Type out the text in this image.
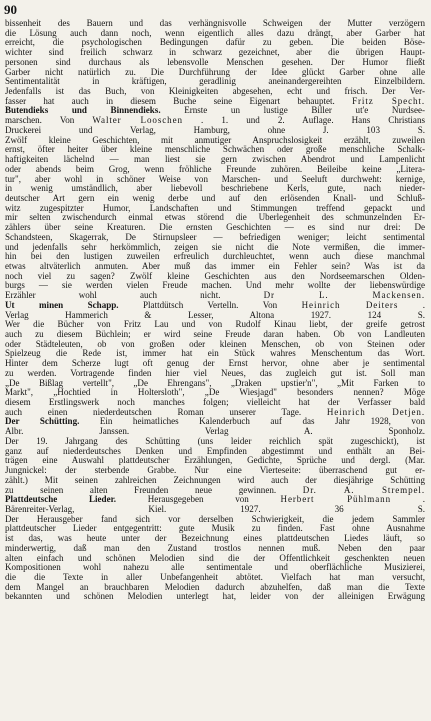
90
bissenheit des Bauern und das verhängnisvolle Schweigen der Mutter verzögern
die Lösung auch dann noch, wenn eigentlich alles dazu drängt, aber Garber hat
erreicht, die psychologischen Bedingungen dafür zu geben. Die beiden Böse-
wichter sind freilich schwarz in schwarz gezeichnet, aber die übrigen Haupt-
personen sind durchaus als lebensvolle Menschen gesehen. Der Humor fließt
Garber nicht natürlich zu. Die Durchführung der Idee glückt Garber ohne alle
Sentimentalität in kräftigen, geradlinig aneinandergereihten Einzelbildern.
Jedenfalls ist das Buch, von Kleinigkeiten abgesehen, echt und frisch. Der Ver-
fasser hat auch in diesem Buche seine Eigenart behauptet. Fritz Specht.
Butendieks und Binnendieks. Ernste un lustige Biller ut'e Nurdsee-
marschen. Von Walter Looschen . 1. und 2. Auflage. Hans Christians
Druckerei und Verlag, Hamburg, ohne J. 103 S.
Zwölf kleine Geschichten, mit anmutiger Anspruchslosigkeit erzählt, zuweilen
ernst, öfter heiter über kleine menschliche Schwächen oder große menschliche Schalk-
haftigkeiten lächelnd — man liest sie gern zwischen Abendrot und Lampenlicht
oder abends beim Grog, wenn fröhliche Freunde zuhören. Beileibe keine „Litera-
tur", aber wohl in schöner Weise von Marschen- und Seeluft durchweht: kernige,
in wenig umständlich, aber liebevoll beschriebene Kerls, gute, nach nieder-
deutscher Art gern ein wenig derbe und auf den erlösenden Knall- und Schluß-
witz zugespitzter Humor, Landschaften und Stimmungen treffend gepackt und
mir selten zwischendurch einmal etwas störend die Überlegenheit des schmunzelnden Er-
zählers über seine Kreaturen. Die ernsten Geschichten — es sind nur drei: De
Schandsteen, Skagerrak, De Stirnupsleer — befriedigen weniger; leicht sentimental
und jedenfalls sehr herkömmlich, zeigen sie nicht die Note vermißen, die immer-
hin bei den lustigen zuweilen erfreulich durchleuchtet, wenn auch diese manchmal
etwas altväterlich anmuten. Aber muß das immer ein Fehler sein? Was ist da
noch viel zu sagen? Zwölf kleine Geschichten aus den Nordseemarschen Olden-
burgs — sie werden vielen Freude machen. Und mehr wollte der liebenswürdige
Erzähler wohl auch nicht.	Dr L. Mackensen.
Ut minen Schapp. Plattdütsch Vertelln. Von Heinrich Deiters	.
Verlag Hammerich & Lesser, Altona 1927. 124 S.
Wer die Bücher von Fritz Lau und von Rudolf Kinau liebt, der greife getrost
auch zu diesem Büchlein; er wird seine Freude daran haben. Ob von Landleuten
oder Städteleuten, ob von großen oder kleinen Menschen, ob von Steinen oder
Spielzeug die Rede ist, immer hat ein Stück wahres Menschentum das Wort.
Hinter dem Scherze lugt oft genug der Ernst hervor, ohne aber je sentimental
zu werden. Vortragende finden hier viel Neues, das zugleich gut ist. Soll man
„De Bißlag vertellt", „De Ehrengans", „Draken upstier'n", „Mit Farken to
Markt", „Hochtied in Holtersloth", „De Wiesjagd" besonders nennen? Möge
diesem Erstlingswerk noch manches folgen; vielleicht hat der Verfasser bald
auch einen niederdeutschen Roman unserer Tage.	Heinrich Detjen.
Der Schütting. Ein heimatliches Kalenderbuch auf das Jahr 1928, von
Albr. Janssen. Verlag A. Sponholz.
Der 19. Jahrgang des Schütting (uns leider reichlich spät zugeschickt), ist
ganz auf niederdeutsches Denken und Empfinden abgestimmt und enthält an Bei-
trägen eine Auswahl plattdeutscher Erzählungen, Gedichte, Sprüche und dergl. (Mar.
Jungnickel: der sterbende Grabbe. Nur eine Vierteseite: überraschend gut er-
zählt.) Mit seinen zahlreichen Zeichnungen wird auch der diesjährige Schütting
zu seinen alten Freunden neue gewinnen.	Dr. A. Strempel.
Plattdeutsche Lieder. Herausgegeben von Herbert Pühlmann	.
Bärenreiter-Verlag, Kiel. 1927. 36 S.
Der Herausgeber fand sich vor derselben Schwierigkeit, die jedem Sammler
plattdeutscher Lieder entgegentritt: gute Musik zu finden. Fast ohne Ausnahme
ist das, was heute unter der Bezeichnung eines plattdeutschen Liedes läuft, so
minderwertig, daß man den Zustand trostlos nennen muß. Neben den paar
alten einfach und schönen Melodien sind die der Öffentlichkeit geschenkten neuen
Kompositionen wohl nahezu alle sentimentale und oberflächliche Musizierei,
die die Texte in aller Unbefangenheit abtötet. Vielfach hat man versucht,
dem Mangel an brauchbaren Melodien dadurch abzuhelfen, daß man die Texte
bekannten und schönen Melodien unterlegt hat, leider von der alleinigen Erwägung
